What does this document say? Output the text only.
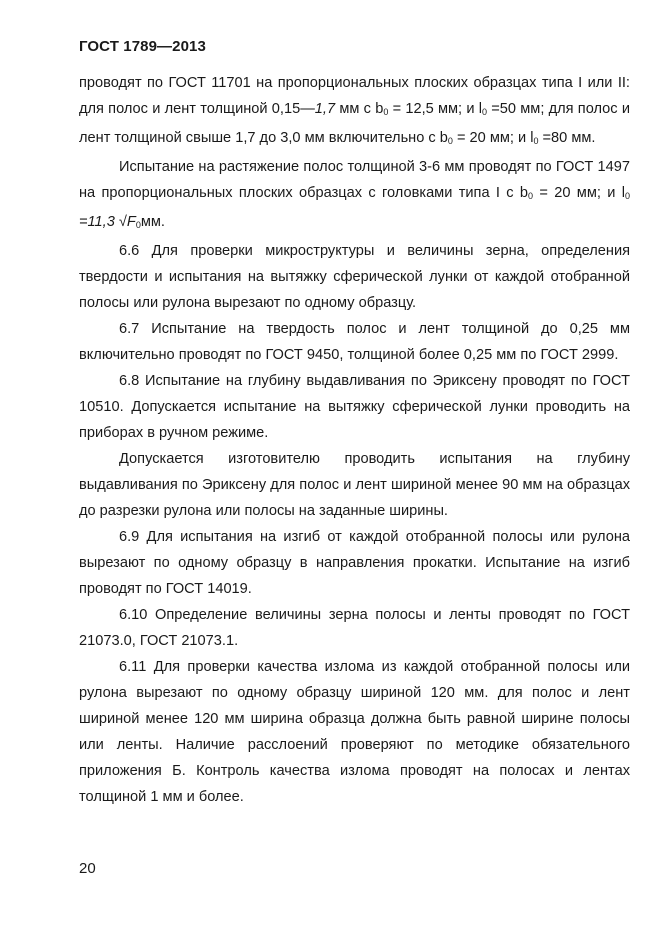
ГОСТ 1789—2013

проводят по ГОСТ 11701 на пропорциональных плоских образцах типа I или II: для полос и лент толщиной 0,15—1,7 мм с $b_0 = 12,5$ мм; и $l_0 =50$ мм; для полос и лент толщиной свыше 1,7 до 3,0 мм включительно с $b_0 = 20$ мм; и $l_0 =80$ мм.

Испытание на растяжение полос толщиной 3-6 мм проводят по ГОСТ 1497 на пропорциональных плоских образцах с головками типа I с $b_0 = 20$ мм; и $l_0 =11,3$ $√F_0мм$.

6.6 Для проверки микроструктуры и величины зерна, определения твердости и испытания на вытяжку сферической лунки от каждой отобранной полосы или рулона вырезают по одному образцу.

6.7 Испытание на твердость полос и лент толщиной до 0,25 мм включительно проводят по ГОСТ 9450, толщиной более 0,25 мм по ГОСТ 2999.

6.8 Испытание на глубину выдавливания по Эриксену проводят по ГОСТ 10510. Допускается испытание на вытяжку сферической лунки проводить на приборах в ручном режиме.

Допускается изготовителю проводить испытания на глубину выдавливания по Эриксену для полос и лент шириной менее 90 мм на образцах до разрезки рулона или полосы на заданные ширины.

6.9 Для испытания на изгиб от каждой отобранной полосы или рулона вырезают по одному образцу в направления прокатки. Испытание на изгиб проводят по ГОСТ 14019.

6.10 Определение величины зерна полосы и ленты проводят по ГОСТ 21073.0, ГОСТ 21073.1.

6.11 Для проверки качества излома из каждой отобранной полосы или рулона вырезают по одному образцу шириной 120 мм. для полос и лент шириной менее 120 мм ширина образца должна быть равной ширине полосы или ленты. Наличие расслоений проверяют по методике обязательного приложения Б. Контроль качества излома проводят на полосах и лентах толщиной 1 мм и более.

20
